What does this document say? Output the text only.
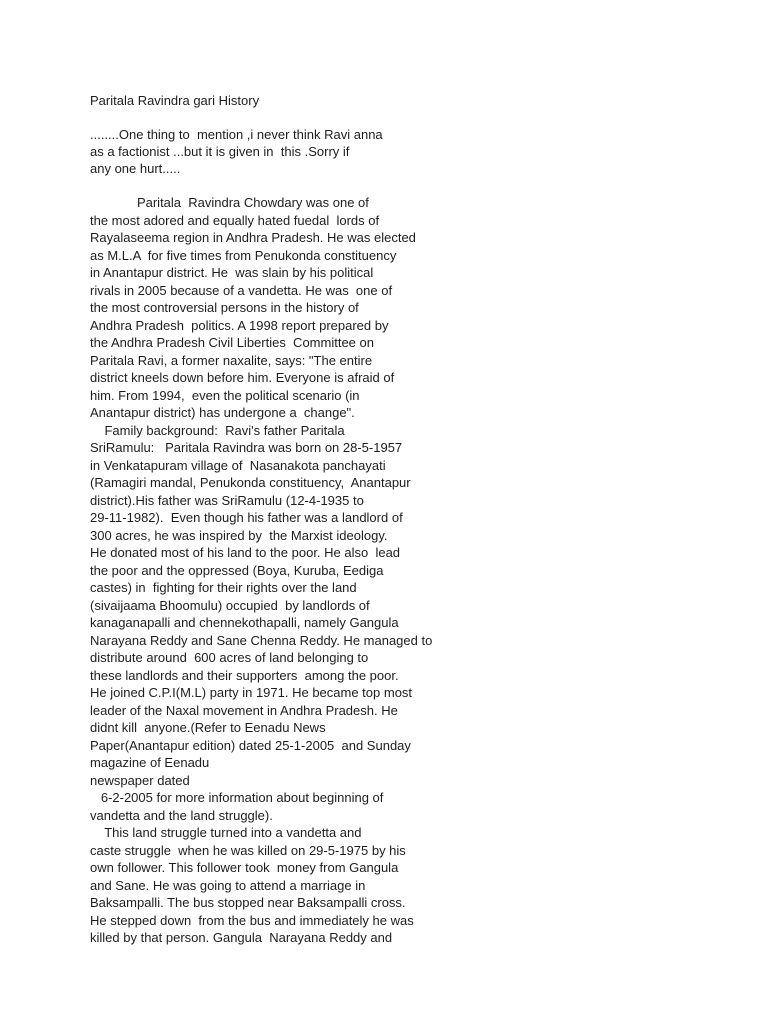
Paritala Ravindra gari History
........One thing to  mention ,i never think Ravi anna
as a factionist ...but it is given in  this .Sorry if
any one hurt.....
Paritala  Ravindra Chowdary was one of
the most adored and equally hated fuedal  lords of
Rayalaseema region in Andhra Pradesh. He was elected
as M.L.A  for five times from Penukonda constituency
in Anantapur district. He  was slain by his political
rivals in 2005 because of a vandetta. He was  one of
the most controversial persons in the history of
Andhra Pradesh  politics. A 1998 report prepared by
the Andhra Pradesh Civil Liberties  Committee on
Paritala Ravi, a former naxalite, says: "The entire
district kneels down before him. Everyone is afraid of
him. From 1994,  even the political scenario (in
Anantapur district) has undergone a  change".
Family background:  Ravi's father Paritala
SriRamulu:   Paritala Ravindra was born on 28-5-1957
in Venkatapuram village of  Nasanakota panchayati
(Ramagiri mandal, Penukonda constituency,  Anantapur
district).His father was SriRamulu (12-4-1935 to
29-11-1982).  Even though his father was a landlord of
300 acres, he was inspired by  the Marxist ideology.
He donated most of his land to the poor. He also  lead
the poor and the oppressed (Boya, Kuruba, Eediga
castes) in  fighting for their rights over the land
(sivaijaama Bhoomulu) occupied  by landlords of
kanaganapalli and chennekothapalli, namely Gangula
Narayana Reddy and Sane Chenna Reddy. He managed to
distribute around  600 acres of land belonging to
these landlords and their supporters  among the poor.
He joined C.P.I(M.L) party in 1971. He became top most
leader of the Naxal movement in Andhra Pradesh. He
didnt kill  anyone.(Refer to Eenadu News
Paper(Anantapur edition) dated 25-1-2005  and Sunday
magazine of Eenadu
newspaper dated
6-2-2005 for more information about beginning of
vandetta and the land struggle).
This land struggle turned into a vandetta and
caste struggle  when he was killed on 29-5-1975 by his
own follower. This follower took  money from Gangula
and Sane. He was going to attend a marriage in
Baksampalli. The bus stopped near Baksampalli cross.
He stepped down  from the bus and immediately he was
killed by that person. Gangula  Narayana Reddy and
